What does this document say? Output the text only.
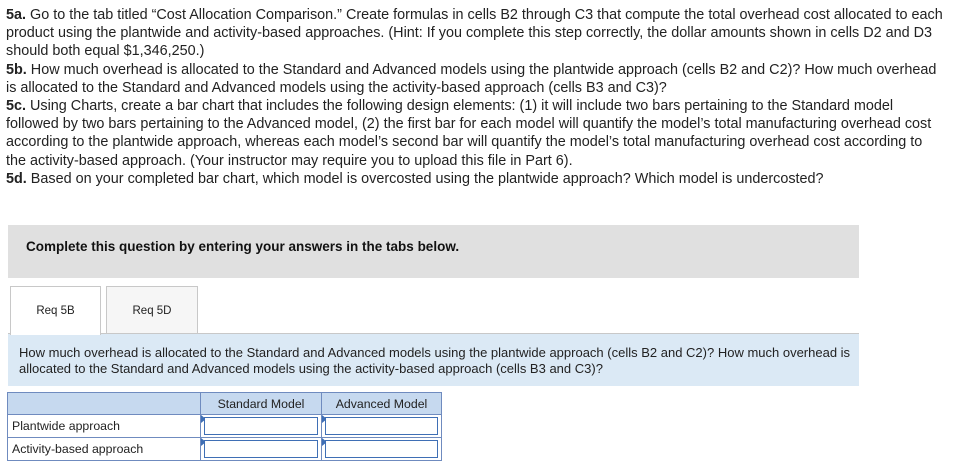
5a. Go to the tab titled “Cost Allocation Comparison.” Create formulas in cells B2 through C3 that compute the total overhead cost allocated to each product using the plantwide and activity-based approaches. (Hint: If you complete this step correctly, the dollar amounts shown in cells D2 and D3 should both equal $1,346,250.)

5b. How much overhead is allocated to the Standard and Advanced models using the plantwide approach (cells B2 and C2)? How much overhead is allocated to the Standard and Advanced models using the activity-based approach (cells B3 and C3)?

5c. Using Charts, create a bar chart that includes the following design elements: (1) it will include two bars pertaining to the Standard model followed by two bars pertaining to the Advanced model, (2) the first bar for each model will quantify the model’s total manufacturing overhead cost according to the plantwide approach, whereas each model’s second bar will quantify the model’s total manufacturing overhead cost according to the activity-based approach. (Your instructor may require you to upload this file in Part 6).

5d. Based on your completed bar chart, which model is overcosted using the plantwide approach? Which model is undercosted?

Complete this question by entering your answers in the tabs below.
Req 5B	Req 5D
How much overhead is allocated to the Standard and Advanced models using the plantwide approach (cells B2 and C2)? How much overhead is allocated to the Standard and Advanced models using the activity-based approach (cells B3 and C3)?
	Standard Model	Advanced Model
Plantwide approach	

Activity-based approach	
